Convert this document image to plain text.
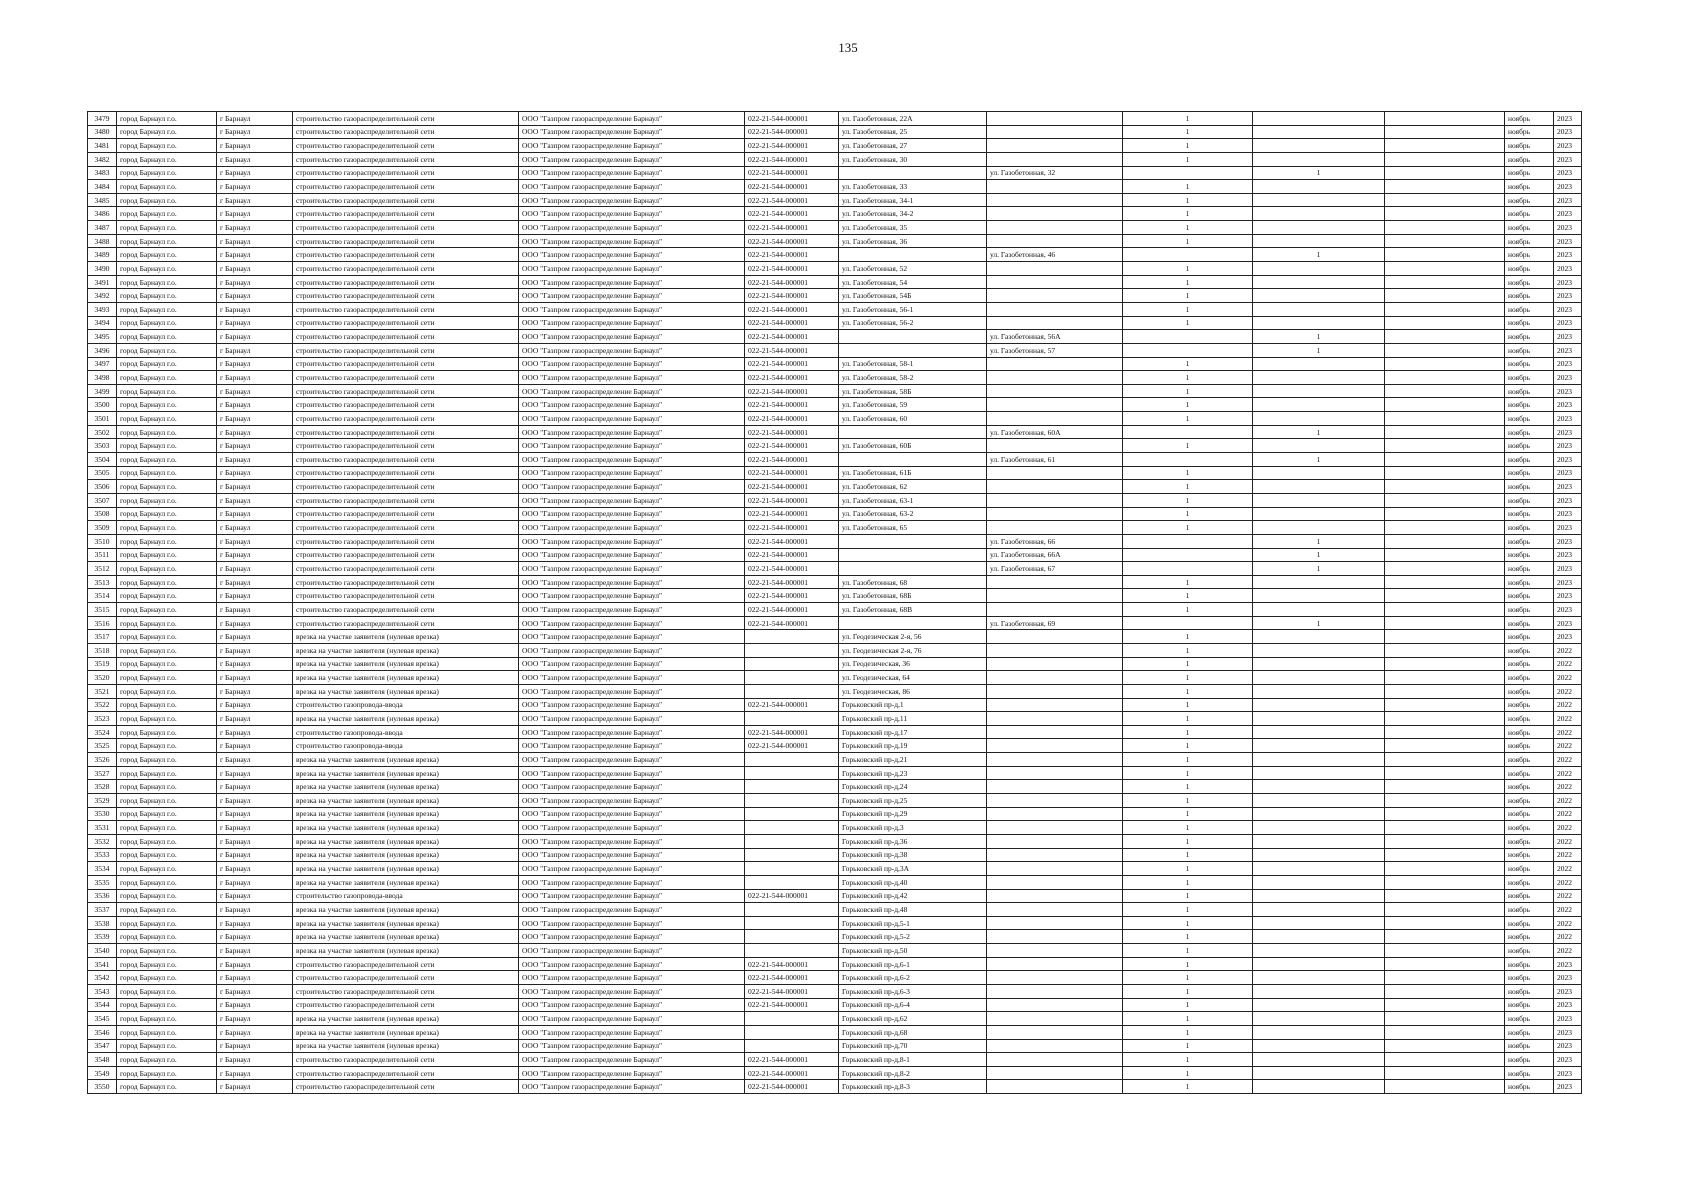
135
3479	город Барнаул г.о.	г Барнаул	строительство газораспределительной сети	ООО "Газпром газораспределение Барнаул"	022-21-544-000001	ул. Газобетонная, 22А		1			ноябрь	2023
3480	город Барнаул г.о.	г Барнаул	строительство газораспределительной сети	ООО "Газпром газораспределение Барнаул"	022-21-544-000001	ул. Газобетонная, 25		1			ноябрь	2023
3481	город Барнаул г.о.	г Барнаул	строительство газораспределительной сети	ООО "Газпром газораспределение Барнаул"	022-21-544-000001	ул. Газобетонная, 27		1			ноябрь	2023
3482	город Барнаул г.о.	г Барнаул	строительство газораспределительной сети	ООО "Газпром газораспределение Барнаул"	022-21-544-000001	ул. Газобетонная, 30		1			ноябрь	2023
3483	город Барнаул г.о.	г Барнаул	строительство газораспределительной сети	ООО "Газпром газораспределение Барнаул"	022-21-544-000001		ул. Газобетонная, 32		1		ноябрь	2023
3484	город Барнаул г.о.	г Барнаул	строительство газораспределительной сети	ООО "Газпром газораспределение Барнаул"	022-21-544-000001	ул. Газобетонная, 33		1			ноябрь	2023
3485	город Барнаул г.о.	г Барнаул	строительство газораспределительной сети	ООО "Газпром газораспределение Барнаул"	022-21-544-000001	ул. Газобетонная, 34-1		1			ноябрь	2023
3486	город Барнаул г.о.	г Барнаул	строительство газораспределительной сети	ООО "Газпром газораспределение Барнаул"	022-21-544-000001	ул. Газобетонная, 34-2		1			ноябрь	2023
3487	город Барнаул г.о.	г Барнаул	строительство газораспределительной сети	ООО "Газпром газораспределение Барнаул"	022-21-544-000001	ул. Газобетонная, 35		1			ноябрь	2023
3488	город Барнаул г.о.	г Барнаул	строительство газораспределительной сети	ООО "Газпром газораспределение Барнаул"	022-21-544-000001	ул. Газобетонная, 36		1			ноябрь	2023
3489	город Барнаул г.о.	г Барнаул	строительство газораспределительной сети	ООО "Газпром газораспределение Барнаул"	022-21-544-000001		ул. Газобетонная, 46		1		ноябрь	2023
3490	город Барнаул г.о.	г Барнаул	строительство газораспределительной сети	ООО "Газпром газораспределение Барнаул"	022-21-544-000001	ул. Газобетонная, 52		1			ноябрь	2023
3491	город Барнаул г.о.	г Барнаул	строительство газораспределительной сети	ООО "Газпром газораспределение Барнаул"	022-21-544-000001	ул. Газобетонная, 54		1			ноябрь	2023
3492	город Барнаул г.о.	г Барнаул	строительство газораспределительной сети	ООО "Газпром газораспределение Барнаул"	022-21-544-000001	ул. Газобетонная, 54Б		1			ноябрь	2023
3493	город Барнаул г.о.	г Барнаул	строительство газораспределительной сети	ООО "Газпром газораспределение Барнаул"	022-21-544-000001	ул. Газобетонная, 56-1		1			ноябрь	2023
3494	город Барнаул г.о.	г Барнаул	строительство газораспределительной сети	ООО "Газпром газораспределение Барнаул"	022-21-544-000001	ул. Газобетонная, 56-2		1			ноябрь	2023
3495	город Барнаул г.о.	г Барнаул	строительство газораспределительной сети	ООО "Газпром газораспределение Барнаул"	022-21-544-000001		ул. Газобетонная, 56А		1		ноябрь	2023
3496	город Барнаул г.о.	г Барнаул	строительство газораспределительной сети	ООО "Газпром газораспределение Барнаул"	022-21-544-000001		ул. Газобетонная, 57		1		ноябрь	2023
3497	город Барнаул г.о.	г Барнаул	строительство газораспределительной сети	ООО "Газпром газораспределение Барнаул"	022-21-544-000001	ул. Газобетонная, 58-1		1			ноябрь	2023
3498	город Барнаул г.о.	г Барнаул	строительство газораспределительной сети	ООО "Газпром газораспределение Барнаул"	022-21-544-000001	ул. Газобетонная, 58-2		1			ноябрь	2023
3499	город Барнаул г.о.	г Барнаул	строительство газораспределительной сети	ООО "Газпром газораспределение Барнаул"	022-21-544-000001	ул. Газобетонная, 58Б		1			ноябрь	2023
3500	город Барнаул г.о.	г Барнаул	строительство газораспределительной сети	ООО "Газпром газораспределение Барнаул"	022-21-544-000001	ул. Газобетонная, 59		1			ноябрь	2023
3501	город Барнаул г.о.	г Барнаул	строительство газораспределительной сети	ООО "Газпром газораспределение Барнаул"	022-21-544-000001	ул. Газобетонная, 60		1			ноябрь	2023
3502	город Барнаул г.о.	г Барнаул	строительство газораспределительной сети	ООО "Газпром газораспределение Барнаул"	022-21-544-000001		ул. Газобетонная, 60А		1		ноябрь	2023
3503	город Барнаул г.о.	г Барнаул	строительство газораспределительной сети	ООО "Газпром газораспределение Барнаул"	022-21-544-000001	ул. Газобетонная, 60Б		1			ноябрь	2023
3504	город Барнаул г.о.	г Барнаул	строительство газораспределительной сети	ООО "Газпром газораспределение Барнаул"	022-21-544-000001		ул. Газобетонная, 61		1		ноябрь	2023
3505	город Барнаул г.о.	г Барнаул	строительство газораспределительной сети	ООО "Газпром газораспределение Барнаул"	022-21-544-000001	ул. Газобетонная, 61Б		1			ноябрь	2023
3506	город Барнаул г.о.	г Барнаул	строительство газораспределительной сети	ООО "Газпром газораспределение Барнаул"	022-21-544-000001	ул. Газобетонная, 62		1			ноябрь	2023
3507	город Барнаул г.о.	г Барнаул	строительство газораспределительной сети	ООО "Газпром газораспределение Барнаул"	022-21-544-000001	ул. Газобетонная, 63-1		1			ноябрь	2023
3508	город Барнаул г.о.	г Барнаул	строительство газораспределительной сети	ООО "Газпром газораспределение Барнаул"	022-21-544-000001	ул. Газобетонная, 63-2		1			ноябрь	2023
3509	город Барнаул г.о.	г Барнаул	строительство газораспределительной сети	ООО "Газпром газораспределение Барнаул"	022-21-544-000001	ул. Газобетонная, 65		1			ноябрь	2023
3510	город Барнаул г.о.	г Барнаул	строительство газораспределительной сети	ООО "Газпром газораспределение Барнаул"	022-21-544-000001		ул. Газобетонная, 66		1		ноябрь	2023
3511	город Барнаул г.о.	г Барнаул	строительство газораспределительной сети	ООО "Газпром газораспределение Барнаул"	022-21-544-000001		ул. Газобетонная, 66А		1		ноябрь	2023
3512	город Барнаул г.о.	г Барнаул	строительство газораспределительной сети	ООО "Газпром газораспределение Барнаул"	022-21-544-000001		ул. Газобетонная, 67		1		ноябрь	2023
3513	город Барнаул г.о.	г Барнаул	строительство газораспределительной сети	ООО "Газпром газораспределение Барнаул"	022-21-544-000001	ул. Газобетонная, 68		1			ноябрь	2023
3514	город Барнаул г.о.	г Барнаул	строительство газораспределительной сети	ООО "Газпром газораспределение Барнаул"	022-21-544-000001	ул. Газобетонная, 68Б		1			ноябрь	2023
3515	город Барнаул г.о.	г Барнаул	строительство газораспределительной сети	ООО "Газпром газораспределение Барнаул"	022-21-544-000001	ул. Газобетонная, 68В		1			ноябрь	2023
3516	город Барнаул г.о.	г Барнаул	строительство газораспределительной сети	ООО "Газпром газораспределение Барнаул"	022-21-544-000001		ул. Газобетонная, 69		1		ноябрь	2023
3517	город Барнаул г.о.	г Барнаул	врезка на участке заявителя (нулевая врезка)	ООО "Газпром газораспределение Барнаул"		ул. Геодезическая 2-я, 56		1			ноябрь	2023
3518	город Барнаул г.о.	г Барнаул	врезка на участке заявителя (нулевая врезка)	ООО "Газпром газораспределение Барнаул"		ул. Геодезическая 2-я, 76		1			ноябрь	2022
3519	город Барнаул г.о.	г Барнаул	врезка на участке заявителя (нулевая врезка)	ООО "Газпром газораспределение Барнаул"		ул. Геодезическая, 36		1			ноябрь	2022
3520	город Барнаул г.о.	г Барнаул	врезка на участке заявителя (нулевая врезка)	ООО "Газпром газораспределение Барнаул"		ул. Геодезическая, 64		1			ноябрь	2022
3521	город Барнаул г.о.	г Барнаул	врезка на участке заявителя (нулевая врезка)	ООО "Газпром газораспределение Барнаул"		ул. Геодезическая, 86		1			ноябрь	2022
3522	город Барнаул г.о.	г Барнаул	строительство газопровода-ввода	ООО "Газпром газораспределение Барнаул"	022-21-544-000001	Горьковский пр-д,1		1			ноябрь	2022
3523	город Барнаул г.о.	г Барнаул	врезка на участке заявителя (нулевая врезка)	ООО "Газпром газораспределение Барнаул"		Горьковский пр-д,11		1			ноябрь	2022
3524	город Барнаул г.о.	г Барнаул	строительство газопровода-ввода	ООО "Газпром газораспределение Барнаул"	022-21-544-000001	Горьковский пр-д,17		1			ноябрь	2022
3525	город Барнаул г.о.	г Барнаул	строительство газопровода-ввода	ООО "Газпром газораспределение Барнаул"	022-21-544-000001	Горьковский пр-д,19		1			ноябрь	2022
3526	город Барнаул г.о.	г Барнаул	врезка на участке заявителя (нулевая врезка)	ООО "Газпром газораспределение Барнаул"		Горьковский пр-д,21		1			ноябрь	2022
3527	город Барнаул г.о.	г Барнаул	врезка на участке заявителя (нулевая врезка)	ООО "Газпром газораспределение Барнаул"		Горьковский пр-д,23		1			ноябрь	2022
3528	город Барнаул г.о.	г Барнаул	врезка на участке заявителя (нулевая врезка)	ООО "Газпром газораспределение Барнаул"		Горьковский пр-д,24		1			ноябрь	2022
3529	город Барнаул г.о.	г Барнаул	врезка на участке заявителя (нулевая врезка)	ООО "Газпром газораспределение Барнаул"		Горьковский пр-д,25		1			ноябрь	2022
3530	город Барнаул г.о.	г Барнаул	врезка на участке заявителя (нулевая врезка)	ООО "Газпром газораспределение Барнаул"		Горьковский пр-д,29		1			ноябрь	2022
3531	город Барнаул г.о.	г Барнаул	врезка на участке заявителя (нулевая врезка)	ООО "Газпром газораспределение Барнаул"		Горьковский пр-д,3		1			ноябрь	2022
3532	город Барнаул г.о.	г Барнаул	врезка на участке заявителя (нулевая врезка)	ООО "Газпром газораспределение Барнаул"		Горьковский пр-д,36		1			ноябрь	2022
3533	город Барнаул г.о.	г Барнаул	врезка на участке заявителя (нулевая врезка)	ООО "Газпром газораспределение Барнаул"		Горьковский пр-д,38		1			ноябрь	2022
3534	город Барнаул г.о.	г Барнаул	врезка на участке заявителя (нулевая врезка)	ООО "Газпром газораспределение Барнаул"		Горьковский пр-д,3А		1			ноябрь	2022
3535	город Барнаул г.о.	г Барнаул	врезка на участке заявителя (нулевая врезка)	ООО "Газпром газораспределение Барнаул"		Горьковский пр-д,40		1			ноябрь	2022
3536	город Барнаул г.о.	г Барнаул	строительство газопровода-ввода	ООО "Газпром газораспределение Барнаул"	022-21-544-000001	Горьковский пр-д,42		1			ноябрь	2022
3537	город Барнаул г.о.	г Барнаул	врезка на участке заявителя (нулевая врезка)	ООО "Газпром газораспределение Барнаул"		Горьковский пр-д,48		1			ноябрь	2022
3538	город Барнаул г.о.	г Барнаул	врезка на участке заявителя (нулевая врезка)	ООО "Газпром газораспределение Барнаул"		Горьковский пр-д,5-1		1			ноябрь	2022
3539	город Барнаул г.о.	г Барнаул	врезка на участке заявителя (нулевая врезка)	ООО "Газпром газораспределение Барнаул"		Горьковский пр-д,5-2		1			ноябрь	2022
3540	город Барнаул г.о.	г Барнаул	врезка на участке заявителя (нулевая врезка)	ООО "Газпром газораспределение Барнаул"		Горьковский пр-д,50		1			ноябрь	2022
3541	город Барнаул г.о.	г Барнаул	строительство газораспределительной сети	ООО "Газпром газораспределение Барнаул"	022-21-544-000001	Горьковский пр-д,6-1		1			ноябрь	2023
3542	город Барнаул г.о.	г Барнаул	строительство газораспределительной сети	ООО "Газпром газораспределение Барнаул"	022-21-544-000001	Горьковский пр-д,6-2		1			ноябрь	2023
3543	город Барнаул г.о.	г Барнаул	строительство газораспределительной сети	ООО "Газпром газораспределение Барнаул"	022-21-544-000001	Горьковский пр-д,6-3		1			ноябрь	2023
3544	город Барнаул г.о.	г Барнаул	строительство газораспределительной сети	ООО "Газпром газораспределение Барнаул"	022-21-544-000001	Горьковский пр-д,6-4		1			ноябрь	2023
3545	город Барнаул г.о.	г Барнаул	врезка на участке заявителя (нулевая врезка)	ООО "Газпром газораспределение Барнаул"		Горьковский пр-д,62		1			ноябрь	2023
3546	город Барнаул г.о.	г Барнаул	врезка на участке заявителя (нулевая врезка)	ООО "Газпром газораспределение Барнаул"		Горьковский пр-д,68		1			ноябрь	2023
3547	город Барнаул г.о.	г Барнаул	врезка на участке заявителя (нулевая врезка)	ООО "Газпром газораспределение Барнаул"		Горьковский пр-д,70		1			ноябрь	2023
3548	город Барнаул г.о.	г Барнаул	строительство газораспределительной сети	ООО "Газпром газораспределение Барнаул"	022-21-544-000001	Горьковский пр-д,8-1		1			ноябрь	2023
3549	город Барнаул г.о.	г Барнаул	строительство газораспределительной сети	ООО "Газпром газораспределение Барнаул"	022-21-544-000001	Горьковский пр-д,8-2		1			ноябрь	2023
3550	город Барнаул г.о.	г Барнаул	строительство газораспределительной сети	ООО "Газпром газораспределение Барнаул"	022-21-544-000001	Горьковский пр-д,8-3		1			ноябрь	2023
